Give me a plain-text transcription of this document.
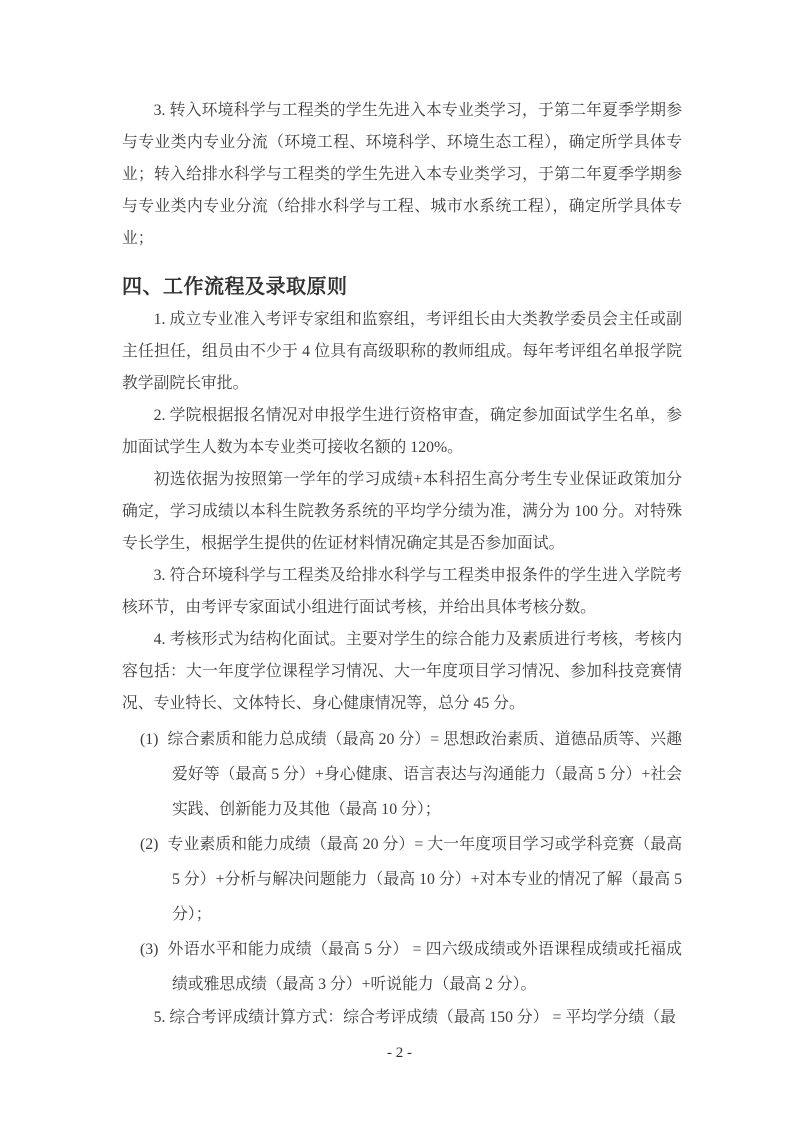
3. 转入环境科学与工程类的学生先进入本专业类学习，于第二年夏季学期参与专业类内专业分流（环境工程、环境科学、环境生态工程），确定所学具体专业；转入给排水科学与工程类的学生先进入本专业类学习，于第二年夏季学期参与专业类内专业分流（给排水科学与工程、城市水系统工程），确定所学具体专业；

四、工作流程及录取原则

1. 成立专业准入考评专家组和监察组，考评组长由大类教学委员会主任或副主任担任，组员由不少于 4 位具有高级职称的教师组成。每年考评组名单报学院教学副院长审批。

2. 学院根据报名情况对申报学生进行资格审查，确定参加面试学生名单，参加面试学生人数为本专业类可接收名额的 120%。

初选依据为按照第一学年的学习成绩+本科招生高分考生专业保证政策加分确定，学习成绩以本科生院教务系统的平均学分绩为准，满分为 100 分。对特殊专长学生，根据学生提供的佐证材料情况确定其是否参加面试。

3. 符合环境科学与工程类及给排水科学与工程类申报条件的学生进入学院考核环节，由考评专家面试小组进行面试考核，并给出具体考核分数。

4. 考核形式为结构化面试。主要对学生的综合能力及素质进行考核，考核内容包括：大一年度学位课程学习情况、大一年度项目学习情况、参加科技竞赛情况、专业特长、文体特长、身心健康情况等，总分 45 分。

(1) 综合素质和能力总成绩（最高 20 分）= 思想政治素质、道德品质等、兴趣爱好等（最高 5 分）+身心健康、语言表达与沟通能力（最高 5 分）+社会实践、创新能力及其他（最高 10 分）；
(2) 专业素质和能力成绩（最高 20 分）= 大一年度项目学习或学科竞赛（最高 5 分）+分析与解决问题能力（最高 10 分）+对本专业的情况了解（最高 5 分）；
(3) 外语水平和能力成绩（最高 5 分） = 四六级成绩或外语课程成绩或托福成绩或雅思成绩（最高 3 分）+听说能力（最高 2 分）。

5. 综合考评成绩计算方式：综合考评成绩（最高 150 分） = 平均学分绩（最

- 2 -
